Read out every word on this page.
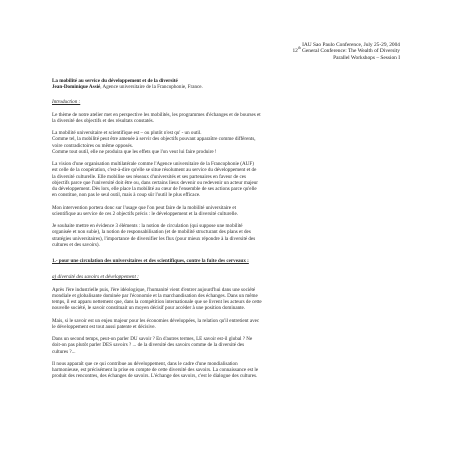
IAU Sao Paulo Conference, July 25-29, 2004
12th General Conference: The Wealth of Diversity
Parallel Workshops – Session I
La mobilité au service du développement et de la diversité
Jean-Dominique Assié, Agence universitaire de la Francophonie, France.
Introduction :

Le thème de notre atelier met en perspective les mobilités, les programmes d'échanges et de bourses et
la diversité des objectifs et des résultats constatés.

La mobilité universitaire et scientifique est – ou plutôt n'est qu' - un outil.
Comme tel, la mobilité peut être amenée à servir des objectifs pouvant apparaître comme différents,
voire contradictoires ou même opposés.
Comme tout outil, elle ne produira que les effets que l'on veut lui faire produire !

La vision d'une organisation multilatérale comme l'Agence universitaire de la Francophonie (AUF)
est celle de la coopération, c'est-à-dire qu'elle se situe résolument au service du développement et de
la diversité culturelle. Elle mobilise ses réseaux d'universités et ses partenaires en faveur de ces
objectifs parce que l'université doit être ou, dans certains lieux devenir ou redevenir un acteur majeur
du développement. Dès lors, elle place la mobilité au cœur de l'ensemble de ses actions parce qu'elle
en constitue, non pas le seul outil, mais à coup sûr l'outil le plus efficace.

Mon intervention portera donc sur l'usage que l'on peut faire de la mobilité universitaire et
scientifique au service de ces 2 objectifs précis : le développement et la diversité culturelle.

Je souhaite mettre en évidence 3 éléments : la notion de circulation (qui suppose une mobilité
organisée et non subie), la notion de responsabilisation (et de mobilité structurant des plans et des
stratégies universitaires), l'importance de diversifier les flux (pour mieux répondre à la diversité des
cultures et des savoirs).

1.- pour une circulation des universitaires et des scientifiques, contre la fuite des cerveaux :
a) diversité des savoirs et développement :

Après l'ère industrielle puis, l'ère idéologique, l'humanité vient d'entrer aujourd'hui dans une société
mondiale et globalisante dominée par l'économie et la marchandisation des échanges. Dans un même
temps, il est apparu nettement que, dans la compétition internationale que se livrent les acteurs de cette
nouvelle société, le savoir constituait un moyen décisif pour accéder à une position dominante.

Mais, si le savoir est un enjeu majeur pour les économies développées, la relation qu'il entretient avec
le développement est tout aussi patente et décisive.

Dans un second temps, peut-on parler DU savoir ? En d'autres termes, LE savoir est-il global ? Ne
doit-on pas plutôt parler DES savoirs ? ... de la diversité des savoirs comme de la diversité des
cultures ?...

Il nous apparaît que ce qui contribue au développement, dans le cadre d'une mondialisation
harmonieuse, est précisément la prise en compte de cette diversité des savoirs. La connaissance est le
produit des rencontres, des échanges de savoirs. L'échange des savoirs, c'est le dialogue des cultures.
